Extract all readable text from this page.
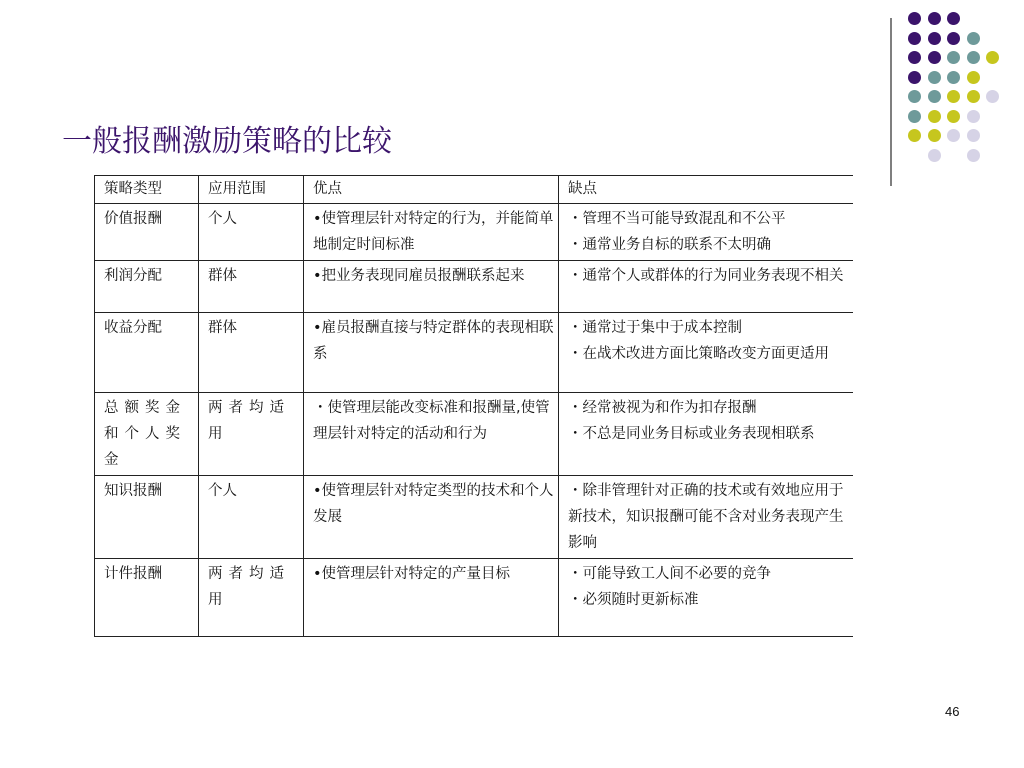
一般报酬激励策略的比较
策略类型	应用范围	优点	缺点
价值报酬	个人	•使管理层针对特定的行为，并能简单地制定时间标准	・管理不当可能导致混乱和不公平
・通常业务自标的联系不太明确

利润分配	群体	•把业务表现同雇员报酬联系起来	・通常个人或群体的行为同业务表现不相关

收益分配	群体	•雇员报酬直接与特定群体的表现相联系	・通常过于集中于成本控制
・在战术改进方面比策略改变方面更适用

总额奖金和个人奖金	两者均适用	・使管理层能改变标准和报酬量,使管理层针对特定的活动和行为	・经常被视为和作为扣存报酬
・不总是同业务目标或业务表现相联系

知识报酬	个人	•使管理层针对特定类型的技术和个人发展	・除非管理针对正确的技术或有效地应用于新技术，知识报酬可能不含对业务表现产生影响

计件报酬	两者均适用	•使管理层针对特定的产量目标	・可能导致工人间不必要的竞争
・必须随时更新标准
46
